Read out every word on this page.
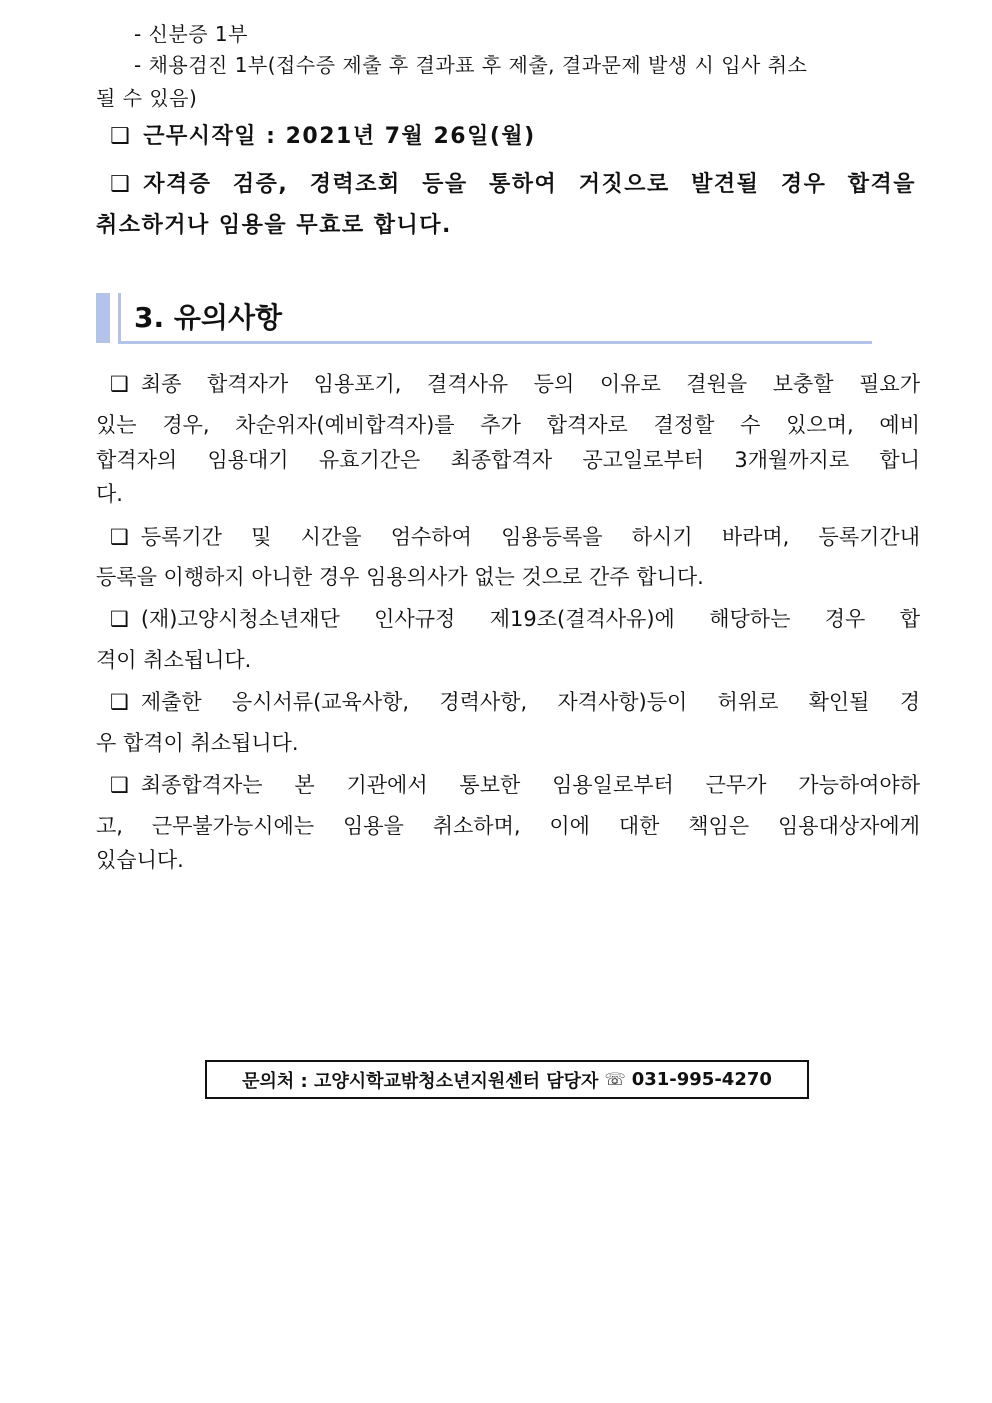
- 신분증 1부
- 채용검진 1부(접수증 제출 후 결과표 후 제출, 결과문제 발생 시 입사 취소
될 수 있음)
❑ 근무시작일 : 2021년 7월 26일(월)
❑ 자격증 검증, 경력조회 등을 통하여 거짓으로 발견될 경우 합격을
취소하거나 임용을 무효로 합니다.
3. 유의사항
❑ 최종 합격자가 임용포기, 결격사유 등의 이유로 결원을 보충할 필요가
있는 경우, 차순위자(예비합격자)를 추가 합격자로 결정할 수 있으며, 예비
합격자의 임용대기 유효기간은 최종합격자 공고일로부터 3개월까지로 합니
다.
❑ 등록기간 및 시간을 엄수하여 임용등록을 하시기 바라며, 등록기간내
등록을 이행하지 아니한 경우 임용의사가 없는 것으로 간주 합니다.
❑ (재)고양시청소년재단 인사규정 제19조(결격사유)에 해당하는 경우 합
격이 취소됩니다.
❑ 제출한 응시서류(교육사항, 경력사항, 자격사항)등이 허위로 확인될 경
우 합격이 취소됩니다.
❑ 최종합격자는 본 기관에서 통보한 임용일로부터 근무가 가능하여야하
고, 근무불가능시에는 임용을 취소하며, 이에 대한 책임은 임용대상자에게
있습니다.
문의처 : 고양시학교밖청소년지원센터 담당자 ☏ 031-995-4270
